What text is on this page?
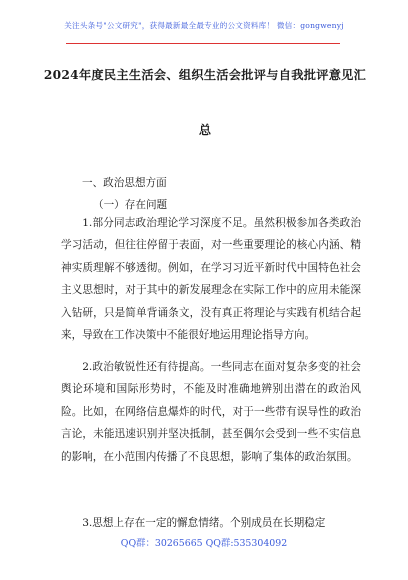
关注头条号"公文研究"，获得最新最全最专业的公文资料库！ 微信：gongwenyj
2024年度民主生活会、组织生活会批评与自我批评意见汇
总
一、政治思想方面
（一）存在问题

1.部分同志政治理论学习深度不足。虽然积极参加各类政治学习活动，但往往停留于表面，对一些重要理论的核心内涵、精神实质理解不够透彻。例如，在学习习近平新时代中国特色社会主义思想时，对于其中的新发展理念在实际工作中的应用未能深入钻研，只是简单背诵条文，没有真正将理论与实践有机结合起来，导致在工作决策中不能很好地运用理论指导方向。

2.政治敏锐性还有待提高。一些同志在面对复杂多变的社会舆论环境和国际形势时，不能及时准确地辨别出潜在的政治风险。比如，在网络信息爆炸的时代，对于一些带有误导性的政治言论，未能迅速识别并坚决抵制，甚至偶尔会受到一些不实信息的影响，在小范围内传播了不良思想，影响了集体的政治氛围。

3.思想上存在一定的懈怠情绪。个别成员在长期稳定

QQ群：30265665 QQ群:535304092
